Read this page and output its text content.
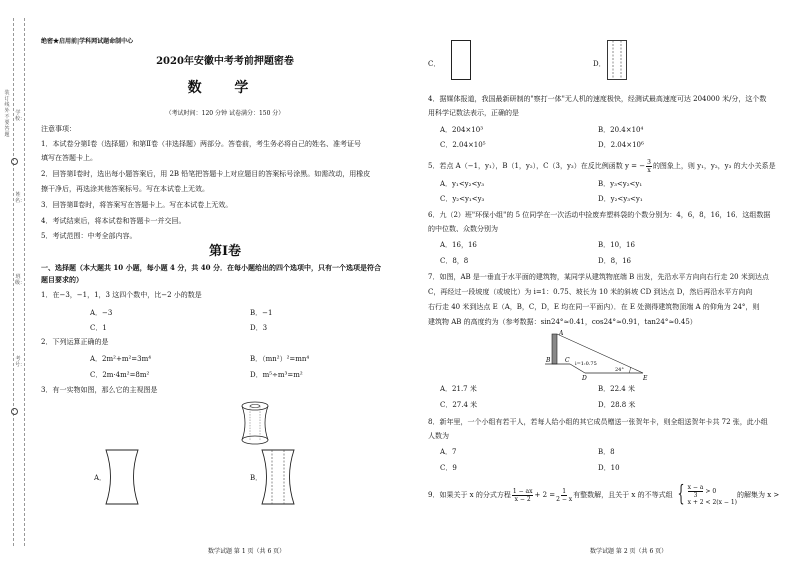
装 订 线 外 不 要 答 题
学校：
姓名：
班级：
考号：
绝密★启用前|学科网试题命制中心
2020年安徽中考考前押题密卷
数 学
（考试时间：120 分钟 试卷满分：150 分）
注意事项：
1．本试卷分第Ⅰ卷（选择题）和第Ⅱ卷（非选择题）两部分。答卷前，考生务必将自己的姓名、准考证号
填写在答题卡上。
2．回答第Ⅰ卷时，选出每小题答案后，用 2B 铅笔把答题卡上对应题目的答案标号涂黑。如需改动，用橡皮
擦干净后，再选涂其他答案标号。写在本试卷上无效。
3．回答第Ⅱ卷时，将答案写在答题卡上。写在本试卷上无效。
4．考试结束后，将本试卷和答题卡一并交回。
5．考试范围：中考全部内容。
第Ⅰ卷
一、选择题（本大题共 10 小题，每小题 4 分，共 40 分．在每小题给出的四个选项中，只有一个选项是符合
题目要求的）
1．在−3，−1，1，3 这四个数中，比−2 小的数是
A．−3	B．−1
C．1	D．3
2．下列运算正确的是
A．2m²+m²=3m⁴	B．（mn²）²=mn⁴
C．2m·4m²=8m²	D．m⁵÷m³=m²
3．有一实物如图，那么它的主视图是
A．	B．
数学试题 第 1 页（共 6 页）
C．	D．
4．据媒体报道，我国最新研制的"察打一体"无人机的速度极快，经测试最高速度可达 204000 米/分，这个数
用科学记数法表示，正确的是
A．204×10³	B．20.4×10⁴
C．2.04×10⁵	D．2.04×10⁶
5．若点 A（−1，y₁），B（1，y₂），C（3，y₃）在反比例函数 y = − $\frac{3}{x}$ 的图象上，则 y₁，y₂，y₃ 的大小关系是
A．y₁<y₂<y₃	B．y₃<y₂<y₁
C．y₂<y₁<y₃	D．y₂<y₃<y₁
6．九（2）班"环保小组"的 5 位同学在一次活动中捡废弃塑料袋的个数分别为：4，6，8，16，16．这组数据
的中位数、众数分别为
A．16，16	B．10，16
C．8，8	D．8，16
7．如图，AB 是一垂直于水平面的建筑物，某同学从建筑物底端 B 出发，先沿水平方向向右行走 20 米到达点
C，再经过一段坡度（或坡比）为 i=1：0.75、坡长为 10 米的斜坡 CD 到达点 D，然后再沿水平方向向
右行走 40 米到达点 E（A，B，C，D，E 均在同一平面内）．在 E 处测得建筑物顶端 A 的仰角为 24°，则
建筑物 AB 的高度约为（参考数据：sin24°≈0.41，cos24°≈0.91，tan24°≈0.45）
A
B C
D	E
i=1:0.75
24°
A．21.7 米	B．22.4 米
C．27.4 米	D．28.8 米
8．新年里，一个小组有若干人，若每人给小组的其它成员赠送一张贺年卡，则全组送贺年卡共 72 张，此小组
人数为
A．7	B．8
C．9	D．10
9．如果关于 x 的分式方程 $\frac{1 - ax}{x - 2} + 2 = \frac{1}{2 - x}$ 有整数解，且关于 x 的不等式组 { $\frac{x - a}{3} > 0$
x + 2 < 2(x − 1)
的解集为 x >
数学试题 第 2 页（共 6 页）
